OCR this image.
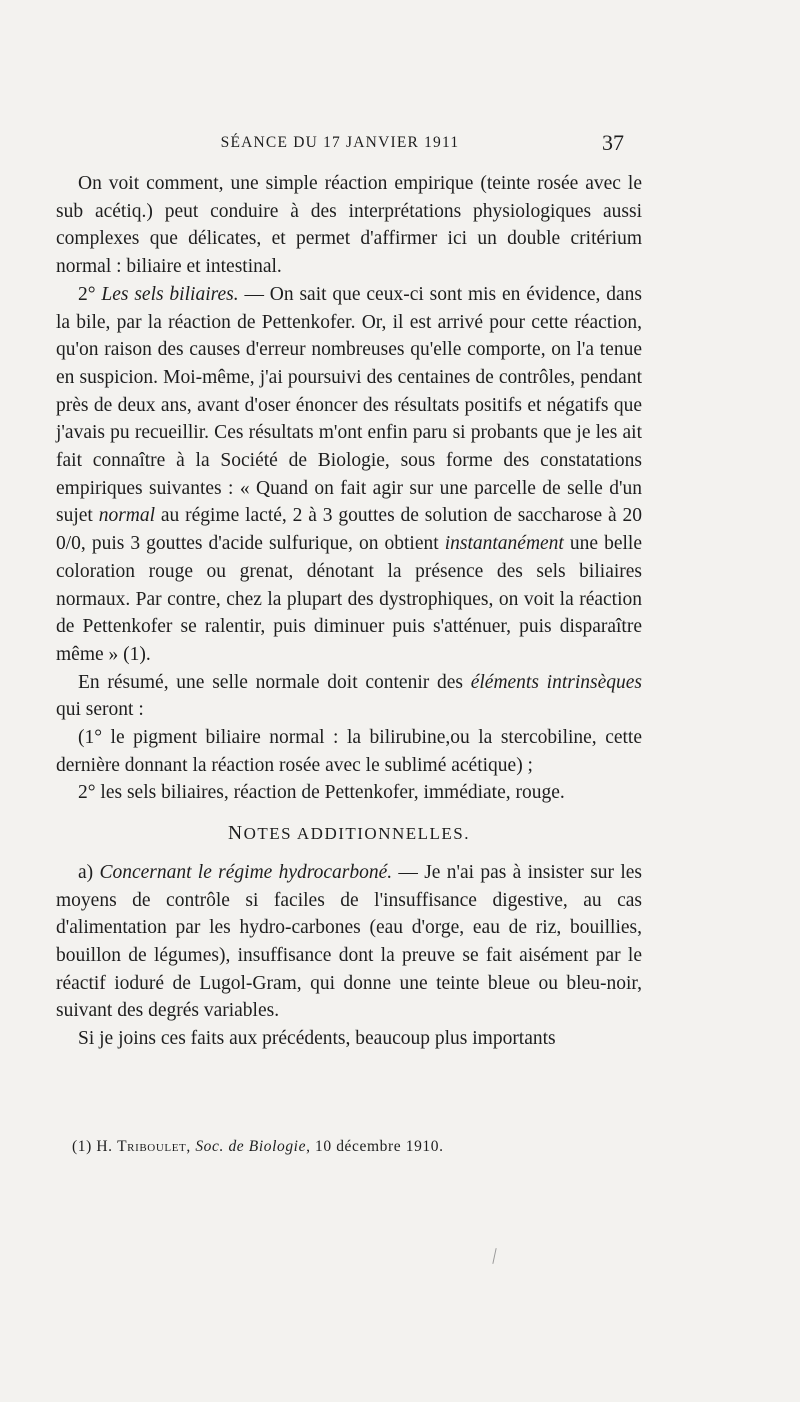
SÉANCE DU 17 JANVIER 1911	37

On voit comment, une simple réaction empirique (teinte rosée avec le sub acétiq.) peut conduire à des interprétations physiologiques aussi complexes que délicates, et permet d'affirmer ici un double critérium normal : biliaire et intestinal.

2° Les sels biliaires. — On sait que ceux-ci sont mis en évidence, dans la bile, par la réaction de Pettenkofer. Or, il est arrivé pour cette réaction, qu'on raison des causes d'erreur nombreuses qu'elle comporte, on l'a tenue en suspicion. Moi-même, j'ai poursuivi des centaines de contrôles, pendant près de deux ans, avant d'oser énoncer des résultats positifs et négatifs que j'avais pu recueillir. Ces résultats m'ont enfin paru si probants que je les ait fait connaître à la Société de Biologie, sous forme des constatations empiriques suivantes : « Quand on fait agir sur une parcelle de selle d'un sujet normal au régime lacté, 2 à 3 gouttes de solution de saccharose à 20 0/0, puis 3 gouttes d'acide sulfurique, on obtient instantanément une belle coloration rouge ou grenat, dénotant la présence des sels biliaires normaux. Par contre, chez la plupart des dystrophiques, on voit la réaction de Pettenkofer se ralentir, puis diminuer puis s'atténuer, puis disparaître même » (1).

En résumé, une selle normale doit contenir des éléments intrinsèques qui seront :

(1° le pigment biliaire normal : la bilirubine,ou la stercobiline, cette dernière donnant la réaction rosée avec le sublimé acétique) ;

2° les sels biliaires, réaction de Pettenkofer, immédiate, rouge.

NOTES ADDITIONNELLES.

a) Concernant le régime hydrocarboné. — Je n'ai pas à insister sur les moyens de contrôle si faciles de l'insuffisance digestive, au cas d'alimentation par les hydro-carbones (eau d'orge, eau de riz, bouillies, bouillon de légumes), insuffisance dont la preuve se fait aisément par le réactif ioduré de Lugol-Gram, qui donne une teinte bleue ou bleu-noir, suivant des degrés variables.

Si je joins ces faits aux précédents, beaucoup plus importants

(1) H. Triboulet, Soc. de Biologie, 10 décembre 1910.
